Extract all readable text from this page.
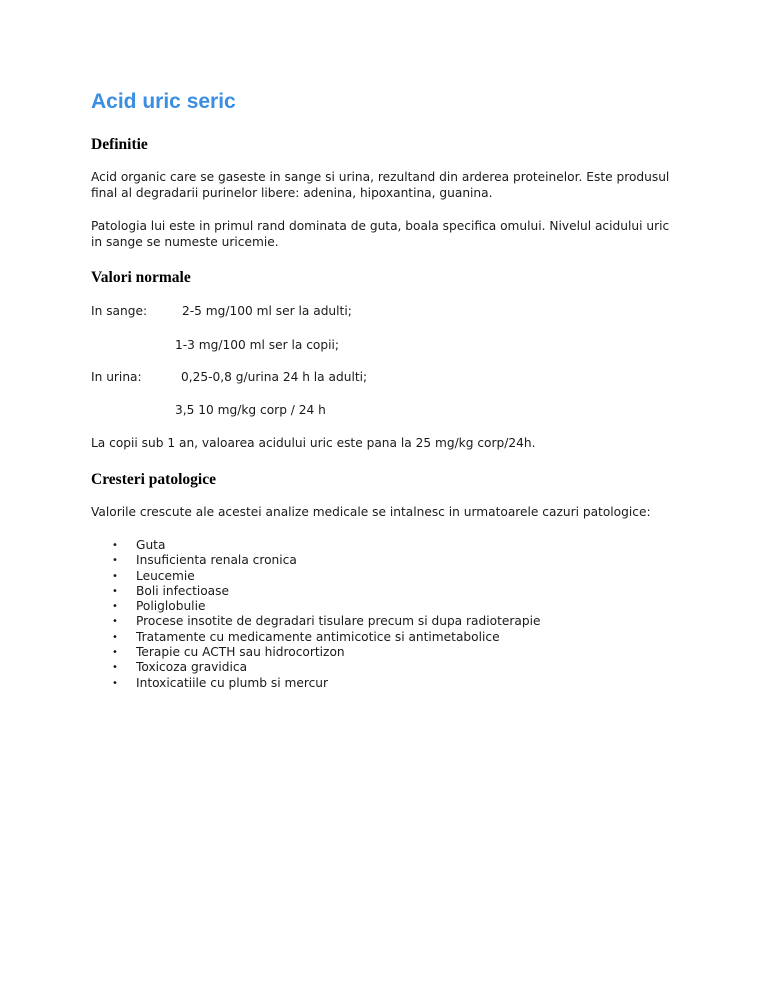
Acid uric seric
Definitie

Acid organic care se gaseste in sange si urina, rezultand din arderea proteinelor. Este produsul final al degradarii purinelor libere: adenina, hipoxantina, guanina.

Patologia lui este in primul rand dominata de guta, boala specifica omului. Nivelul acidului uric in sange se numeste uricemie.

Valori normale

In sange:	2-5 mg/100 ml ser la adulti;

1-3 mg/100 ml ser la copii;

In urina:	0,25-0,8 g/urina 24 h la adulti;

3,5 10 mg/kg corp / 24 h

La copii sub 1 an, valoarea acidului uric este pana la 25 mg/kg corp/24h.

Cresteri patologice

Valorile crescute ale acestei analize medicale se intalnesc in urmatoarele cazuri patologice:

• Guta
• Insuficienta renala cronica
• Leucemie
• Boli infectioase
• Poliglobulie
• Procese insotite de degradari tisulare precum si dupa radioterapie
• Tratamente cu medicamente antimicotice si antimetabolice
• Terapie cu ACTH sau hidrocortizon
• Toxicoza gravidica
• Intoxicatiile cu plumb si mercur
